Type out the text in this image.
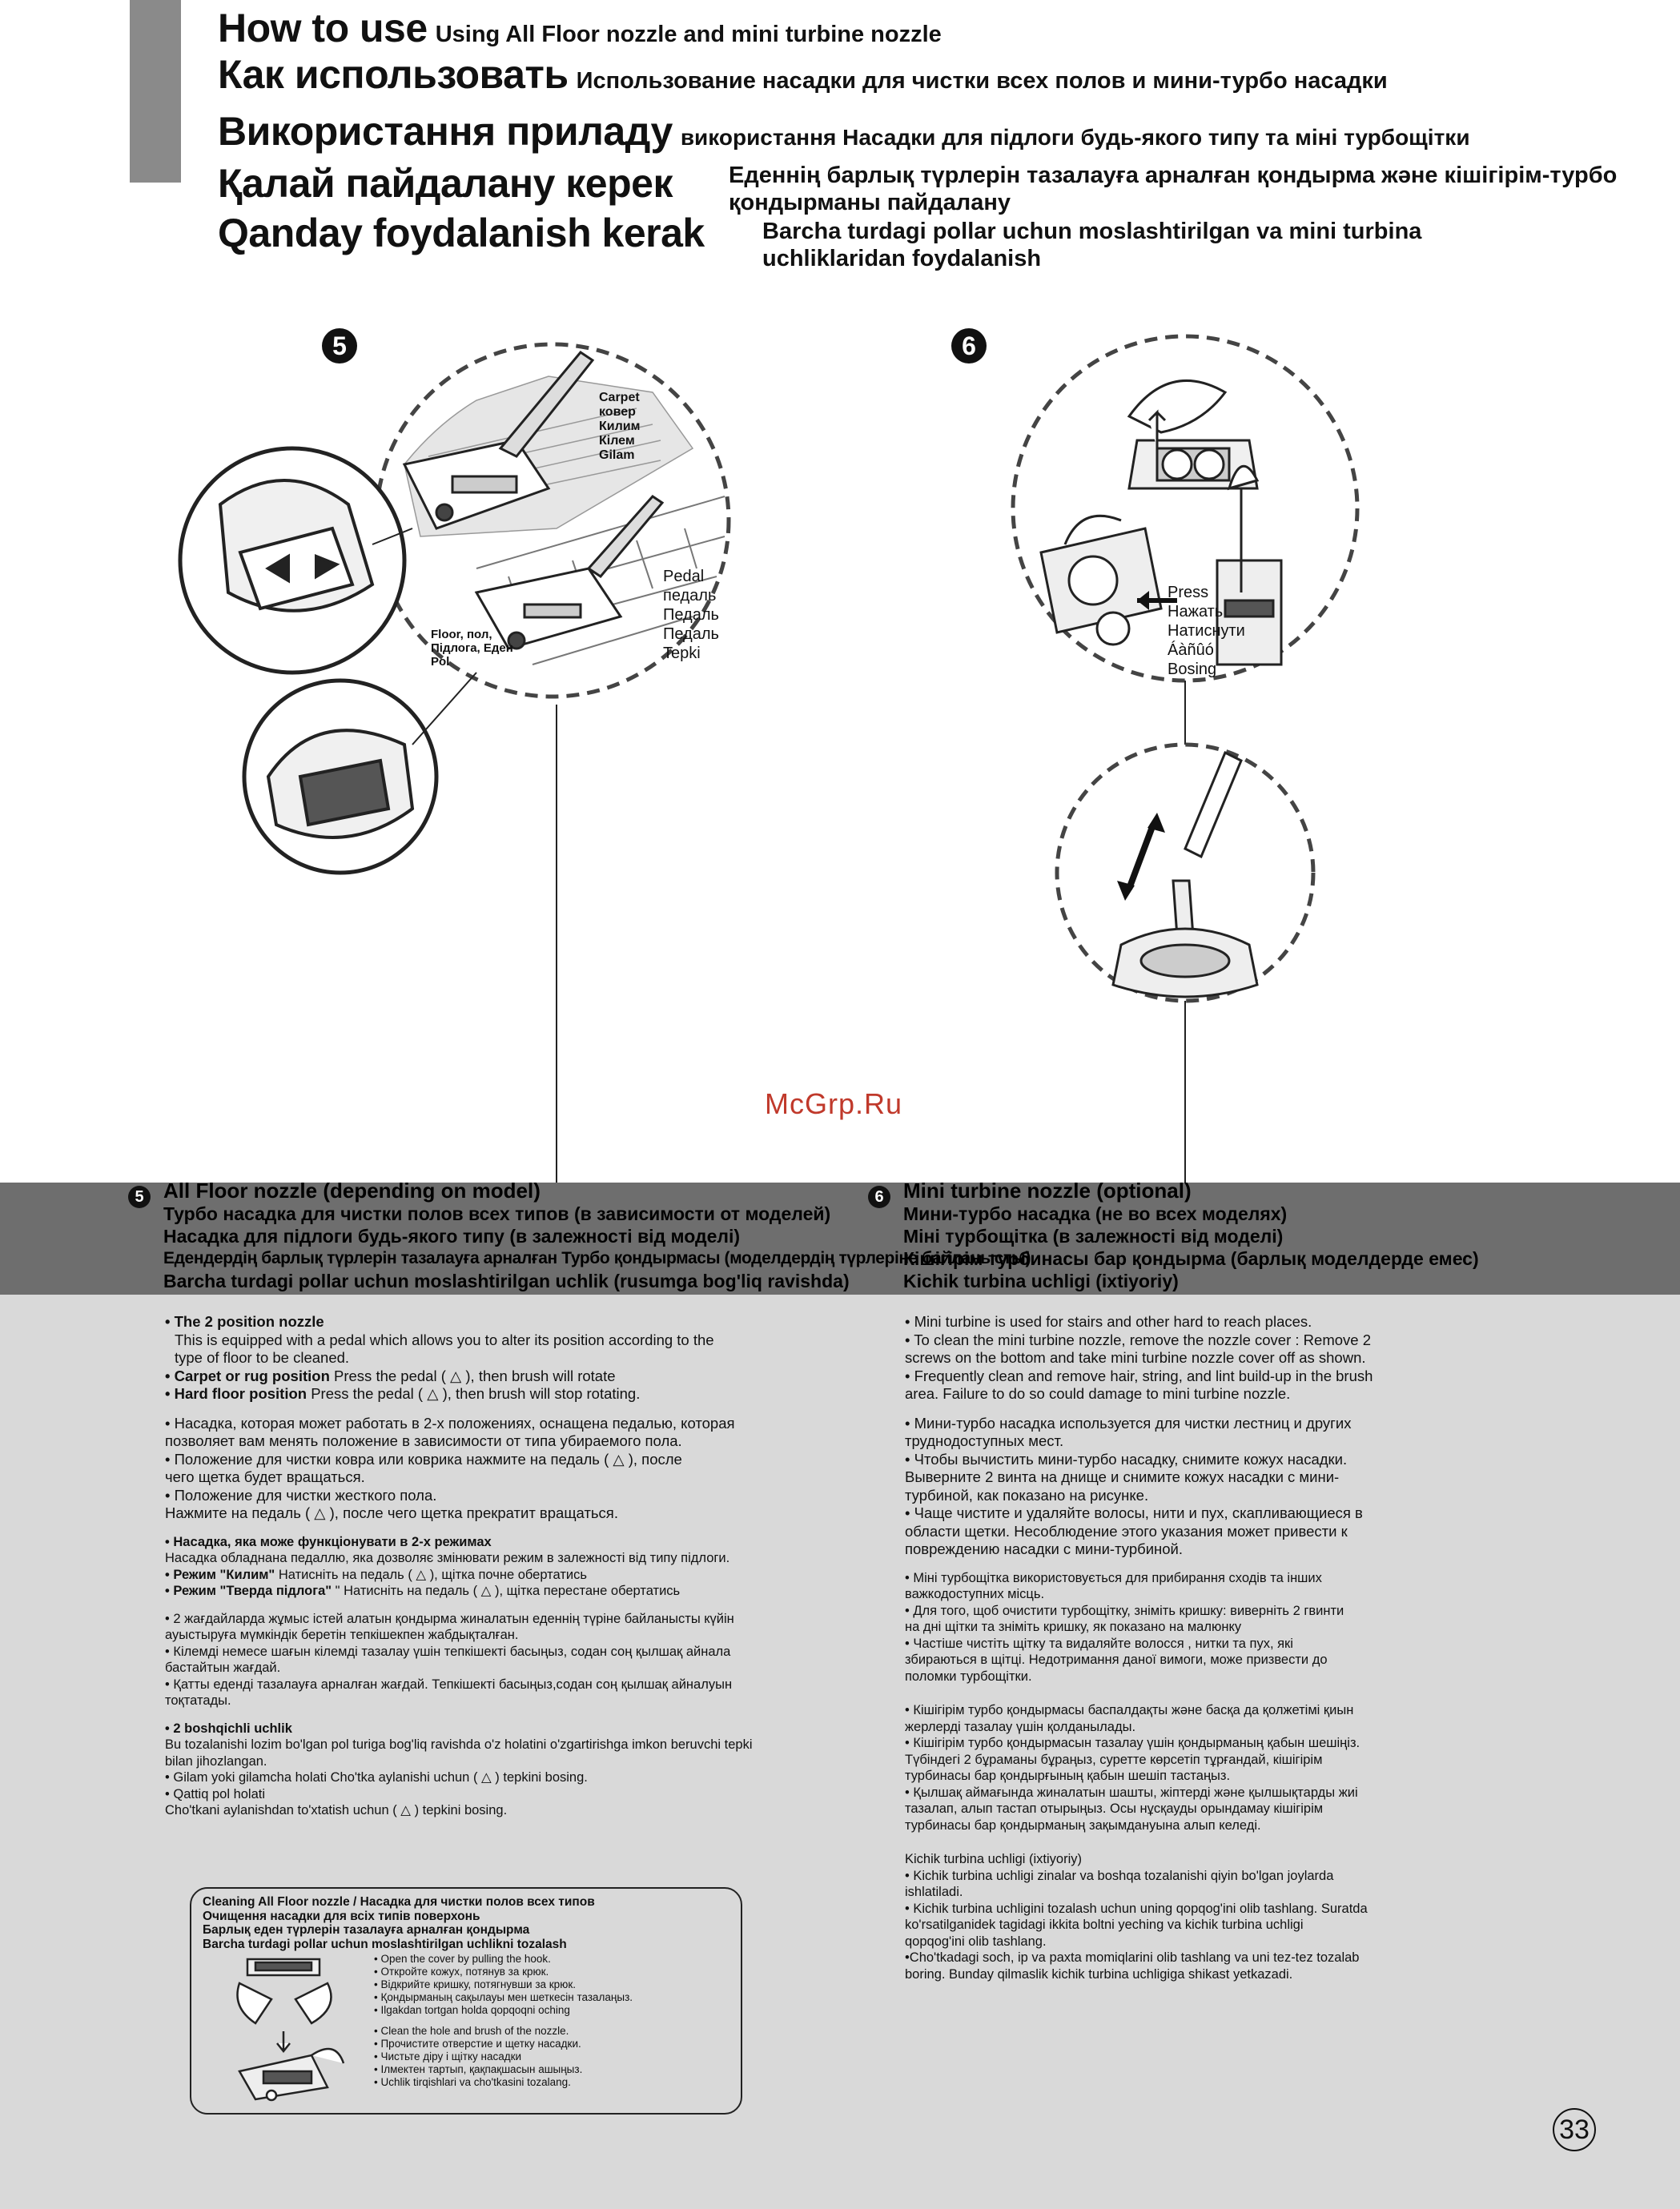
How to use Using All Floor nozzle and mini turbine nozzle
Как использовать Использование насадки для чистки всех полов и мини-турбо насадки
Використання приладу використання Насадки для підлоги будь-якого типу та міні турбощітки
Қалай пайдалану керек Еденнің барлық түрлерін тазалауға арналған қондырма және кішігірім-турбо
қондырманы пайдалану
Qanday foydalanish kerak Barcha turdagi pollar uchun moslashtirilgan va mini turbina
uchliklaridan foydalanish
5
Carpet
ковер
Килим
Кілем
Gilam
Floor, пол,
Підлога, Еден
Pol
Pedal
педаль
Педаль
Педаль
Tepki
6
Press
Нажать
Натиснути
Áàñûó
Bosing
McGrp.Ru
5 All Floor nozzle (depending on model)
Турбо насадка для чистки полов всех типов (в зависимости от моделей)
Насадка для підлоги будь-якого типу (в залежності від моделі)
Едендердің барлық түрлерін тазалауға арналған Турбо қондырмасы (моделдердің түрлеріне байланысты)
Barcha turdagi pollar uchun moslashtirilgan uchlik (rusumga bog'liq ravishda)
6 Mini turbine nozzle (optional)
Мини-турбо насадка (не во всех моделях)
Міні турбощітка (в залежності від моделі)
Кішігірім турбинасы бар қондырма (барлық моделдерде емес)
Kichik turbina uchligi (ixtiyoriy)

• The 2 position nozzle

This is equipped with a pedal which allows you to alter its position according to the
type of floor to be cleaned.

• Carpet or rug position Press the pedal ( △ ), then brush will rotate

• Hard floor position Press the pedal ( △ ), then brush will stop rotating.

• Насадка, которая может работать в 2-х положениях, оснащена педалью, которая
позволяет вам менять положение в зависимости от типа убираемого пола.
• Положение для чистки ковра или коврика нажмите на педаль ( △ ), после
чего щетка будет вращаться.
• Положение для чистки жесткого пола.
Нажмите на педаль ( △ ), после чего щетка прекратит вращаться.

• Насадка, яка може функціонувати в 2-х режимах

Насадка обладнана педаллю, яка дозволяє змінювати режим в залежності від типу підлоги.

• Режим "Килим" Натисніть на педаль ( △ ), щітка почне обертатись

• Режим "Тверда підлога" " Натисніть на педаль ( △ ), щітка перестане обертатись

• 2 жағдайларда жұмыс істей алатын қондырма жиналатын еденнің түріне байланысты күйін
ауыстыруға мүмкіндік беретін тепкішекпен жабдықталған.
• Кілемді немесе шағын кілемді тазалау үшін тепкішекті басыңыз, содан соң қылшақ айнала
бастайтын жағдай.
• Қатты еденді тазалауға арналған жағдай. Тепкішекті басыңыз,содан соң қылшақ айналуын
тоқтатады.

• 2 boshqichli uchlik

Bu tozalanishi lozim bo'lgan pol turiga bog'liq ravishda o'z holatini o'zgartirishga imkon beruvchi tepki
bilan jihozlangan.
• Gilam yoki gilamcha holati Cho'tka aylanishi uchun ( △ ) tepkini bosing.
• Qattiq pol holati
Cho'tkani aylanishdan to'xtatish uchun ( △ ) tepkini bosing.

Cleaning All Floor nozzle / Насадка для чистки полов всех типов
Очищення насадки для всіх типів поверхонь
Барлық еден түрлерін тазалауға арналған қондырма
Barcha turdagi pollar uchun moslashtirilgan uchlikni tozalash
• Open the cover by pulling the hook.
• Откройте кожух, потянув за крюк.
• Відкрийте кришку, потягнувши за крюк.
• Қондырманың сақылауы мен шеткесін тазалаңыз.
• Ilgakdan tortgan holda qopqoqni oching
• Clean the hole and brush of the nozzle.
• Прочистите отверстие и щетку насадки.
• Чистьте діру і щітку насадки
• Ілмектен тартып, қақпақшасын ашыңыз.
• Uchlik tirqishlari va cho'tkasini tozalang.

• Mini turbine is used for stairs and other hard to reach places.
• To clean the mini turbine nozzle, remove the nozzle cover : Remove 2
screws on the bottom and take mini turbine nozzle cover off as shown.
• Frequently clean and remove hair, string, and lint build-up in the brush
area. Failure to do so could damage to mini turbine nozzle.

• Мини-турбо насадка используется для чистки лестниц и других
труднодоступных мест.
• Чтобы вычистить мини-турбо насадку, снимите кожух насадки.
Выверните 2 винта на днище и снимите кожух насадки с мини-
турбиной, как показано на рисунке.
• Чаще чистите и удаляйте волосы, нити и пух, скапливающиеся в
области щетки. Несоблюдение этого указания может привести к
повреждению насадки с мини-турбиной.

• Міні турбощітка використовується для прибирання сходів та інших
важкодоступних місць.
• Для того, щоб очистити турбощітку, зніміть кришку: виверніть 2 гвинти
на дні щітки та зніміть кришку, як показано на малюнку
• Частіше чистіть щітку та видаляйте волосся , нитки та пух, які
збираються в щітці. Недотримання даної вимоги, може призвести до
поломки турбощітки.

• Кішігірім турбо қондырмасы баспалдақты және басқа да қолжетімі қиын
жерлерді тазалау үшін қолданылады.
• Кішігірім турбо қондырмасын тазалау үшін қондырманың қабын шешіңіз.
Түбіндегі 2 бұраманы бұраңыз, суретте көрсетіп тұрғандай, кішігірім
турбинасы бар қондырғының қабын шешіп тастаңыз.
• Қылшақ аймағында жиналатын шашты, жіптерді және қылшықтарды жиі
тазалап, алып тастап отырыңыз. Осы нұсқауды орындамау кішігірім
турбинасы бар қондырманың зақымдануына алып келеді.

Kichik turbina uchligi (ixtiyoriy)
• Kichik turbina uchligi zinalar va boshqa tozalanishi qiyin bo'lgan joylarda
ishlatiladi.
• Kichik turbina uchligini tozalash uchun uning qopqog'ini olib tashlang. Suratda
ko'rsatilganidek tagidagi ikkita boltni yeching va kichik turbina uchligi
qopqog'ini olib tashlang.
•Cho'tkadagi soch, ip va paxta momiqlarini olib tashlang va uni tez-tez tozalab
boring. Bunday qilmaslik kichik turbina uchligiga shikast yetkazadi.

33
